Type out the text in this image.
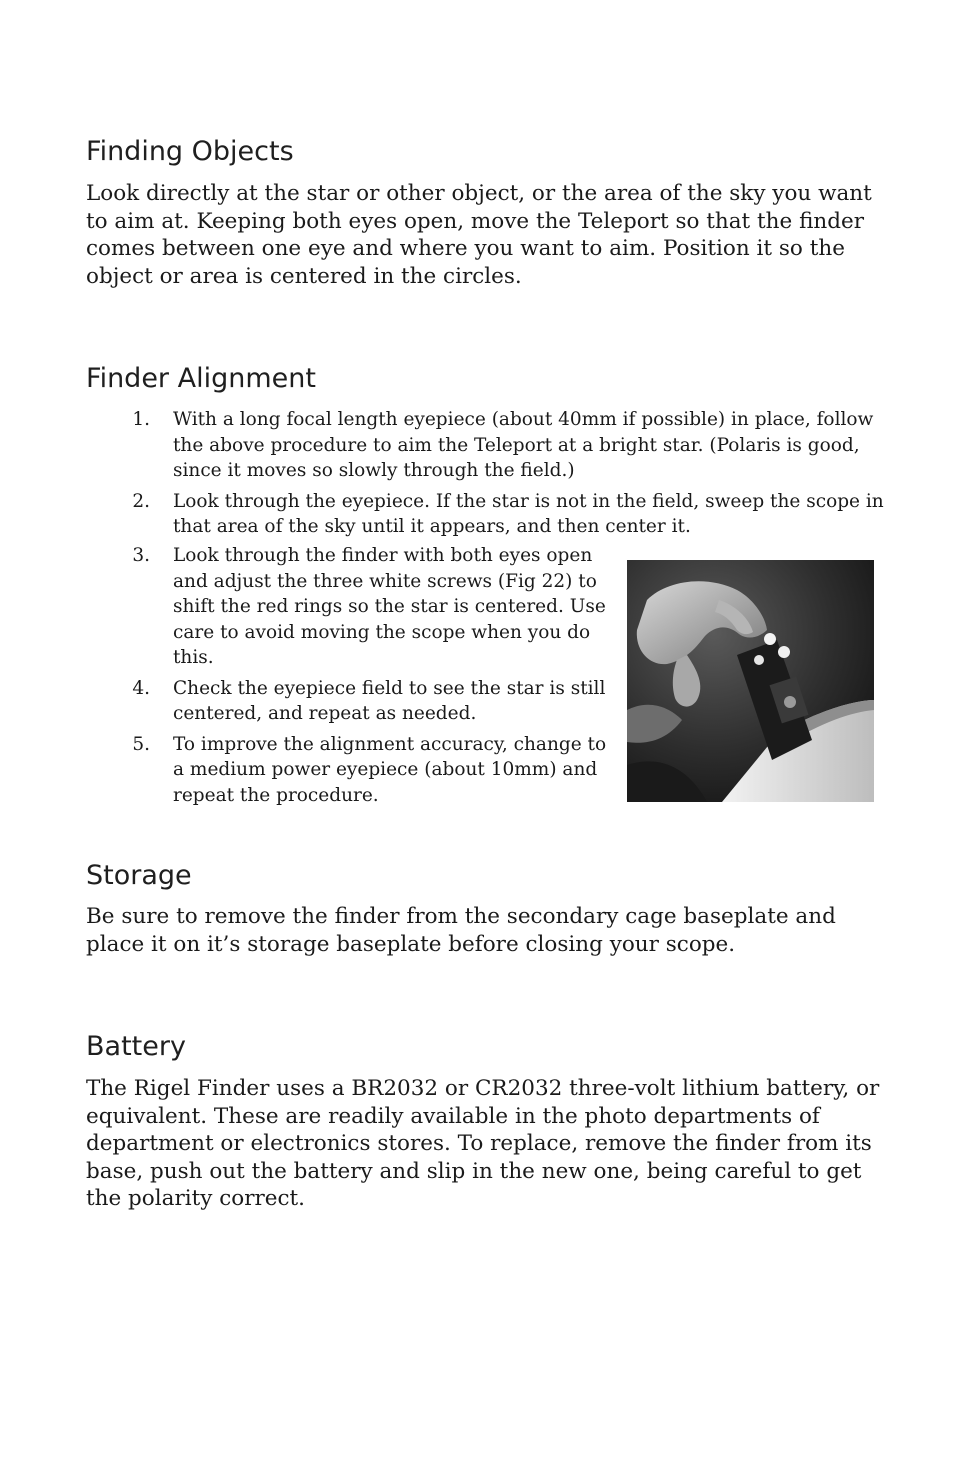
Finding Objects

Look directly at the star or other object, or the area of the sky you want to aim at. Keeping both eyes open, move the Teleport so that the finder comes between one eye and where you want to aim. Position it so the object or area is centered in the circles.

Finder Alignment
1. With a long focal length eyepiece (about 40mm if possible) in place, follow the above procedure to aim the Teleport at a bright star. (Polaris is good, since it moves so slowly through the field.)
2. Look through the eyepiece. If the star is not in the field, sweep the scope in that area of the sky until it appears, and then center it.
3. Look through the finder with both eyes open and adjust the three white screws (Fig 22) to shift the red rings so the star is centered. Use care to avoid moving the scope when you do this.
4. Check the eyepiece field to see the star is still centered, and repeat as needed.
5. To improve the alignment accuracy, change to a medium power eyepiece (about 10mm) and repeat the procedure.
Storage

Be sure to remove the finder from the secondary cage baseplate and place it on it’s storage baseplate before closing your scope.

Battery

The Rigel Finder uses a BR2032 or CR2032 three-volt lithium battery, or equivalent. These are readily available in the photo departments of department or electronics stores. To replace, remove the finder from its base, push out the battery and slip in the new one, being careful to get the polarity correct.
